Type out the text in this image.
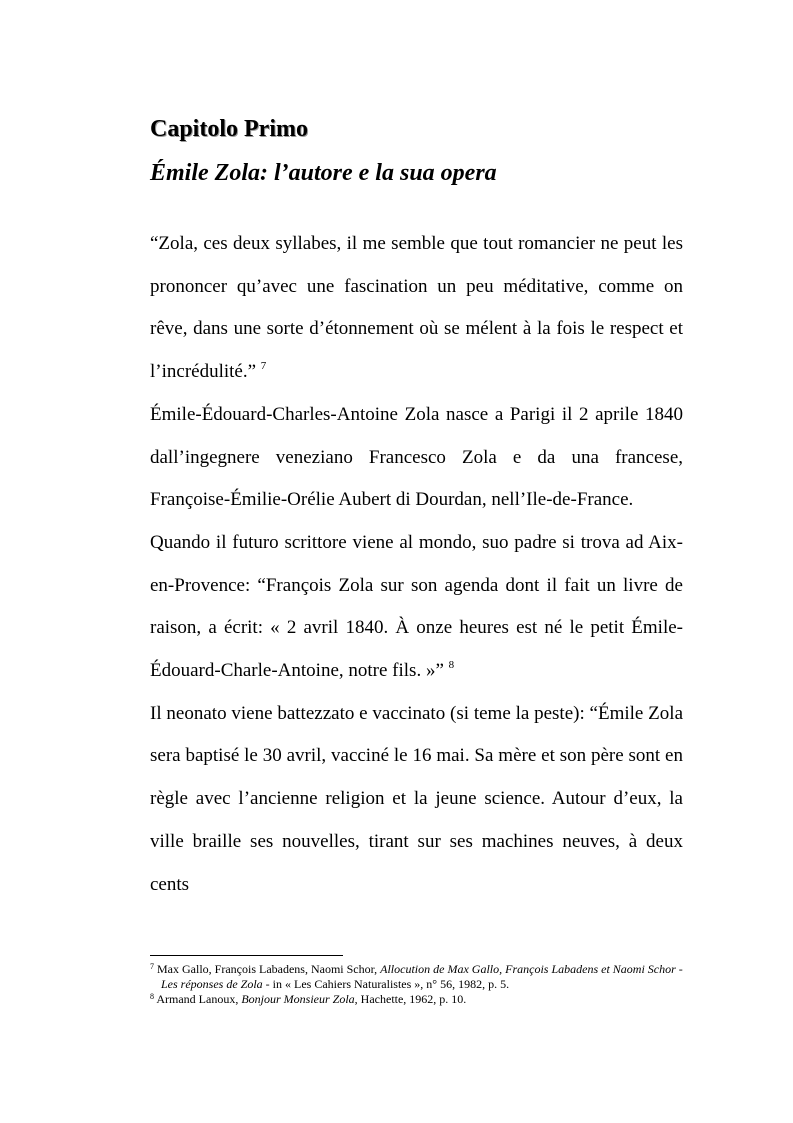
Capitolo Primo
Émile Zola: l’autore e la sua opera

“Zola, ces deux syllabes, il me semble que tout romancier ne peut les prononcer qu’avec une fascination un peu méditative, comme on rêve, dans une sorte d’étonnement où se mélent à la fois le respect et l’incrédulité.” $^7$

Émile-Édouard-Charles-Antoine Zola nasce a Parigi il 2 aprile 1840 dall’ingegnere veneziano Francesco Zola e da una francese, Françoise-Émilie-Orélie Aubert di Dourdan, nell’Ile-de-France.

Quando il futuro scrittore viene al mondo, suo padre si trova ad Aix-en-Provence: “François Zola sur son agenda dont il fait un livre de raison, a écrit: « 2 avril 1840. À onze heures est né le petit Émile-Édouard-Charle-Antoine, notre fils. »” $^8$

Il neonato viene battezzato e vaccinato (si teme la peste): “Émile Zola sera baptisé le 30 avril, vacciné le 16 mai. Sa mère et son père sont en règle avec l’ancienne religion et la jeune science. Autour d’eux, la ville braille ses nouvelles, tirant sur ses machines neuves, à deux cents

$^7$ Max Gallo, François Labadens, Naomi Schor, Allocution de Max Gallo, François Labadens et Naomi Schor - Les réponses de Zola - in « Les Cahiers Naturalistes », n° 56, 1982, p. 5.

$^8$ Armand Lanoux, Bonjour Monsieur Zola, Hachette, 1962, p. 10.
